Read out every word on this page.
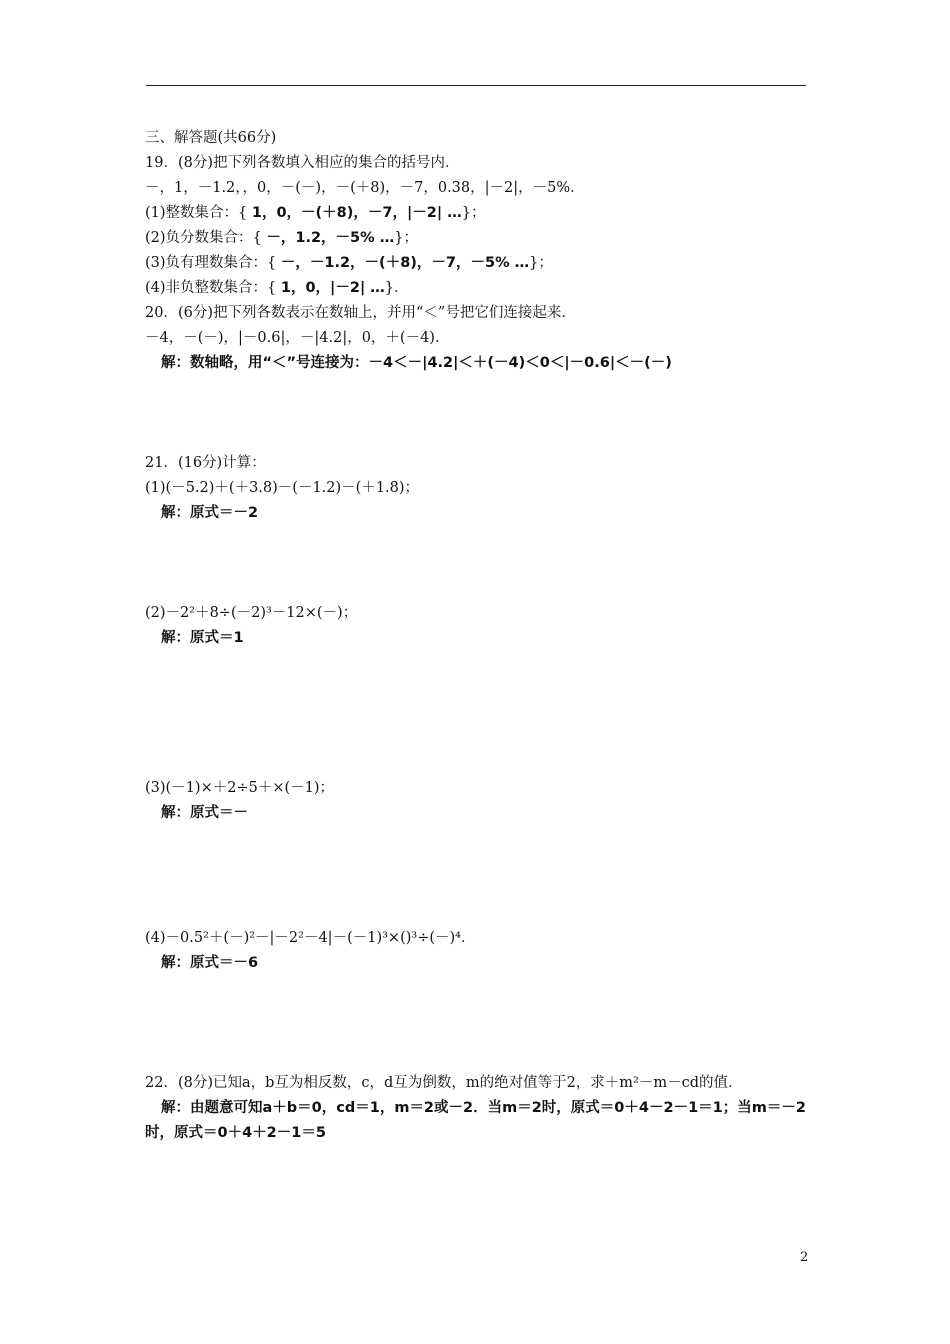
三、解答题(共66分)
19．(8分)把下列各数填入相应的集合的括号内．
－，1，－1.2，，0，－(－)，－(＋8)，－7，0.38，|－2|，－5%．
(1)整数集合：{ 1，0，－(＋8)，－7，|－2| …}；
(2)负分数集合：{ －，1.2，－5% …}；
(3)负有理数集合：{ －，－1.2，－(＋8)，－7，－5% …}；
(4)非负整数集合：{ 1，0，|－2| …}．
20．(6分)把下列各数表示在数轴上，并用“＜”号把它们连接起来．
－4，－(－)，|－0.6|，－|4.2|，0，＋(－4)．
解：数轴略，用“＜”号连接为：－4＜－|4.2|＜＋(－4)＜0＜|－0.6|＜－(－)
21．(16分)计算：
(1)(－5.2)＋(＋3.8)－(－1.2)－(＋1.8)；
解：原式＝－2
(2)－2²＋8÷(－2)³－12×(－)；
解：原式＝1
(3)(－1)×＋2÷5＋×(－1)；
解：原式＝－
(4)－0.5²＋(－)²－|－2²－4|－(－1)³×()³÷(－)⁴．
解：原式＝－6
22．(8分)已知a，b互为相反数，c，d互为倒数，m的绝对值等于2，求＋m²－m－cd的值．
解：由题意可知a＋b＝0，cd＝1，m＝2或－2．当m＝2时，原式＝0＋4－2－1＝1；当m＝－2
时，原式＝0＋4＋2－1＝5
2
